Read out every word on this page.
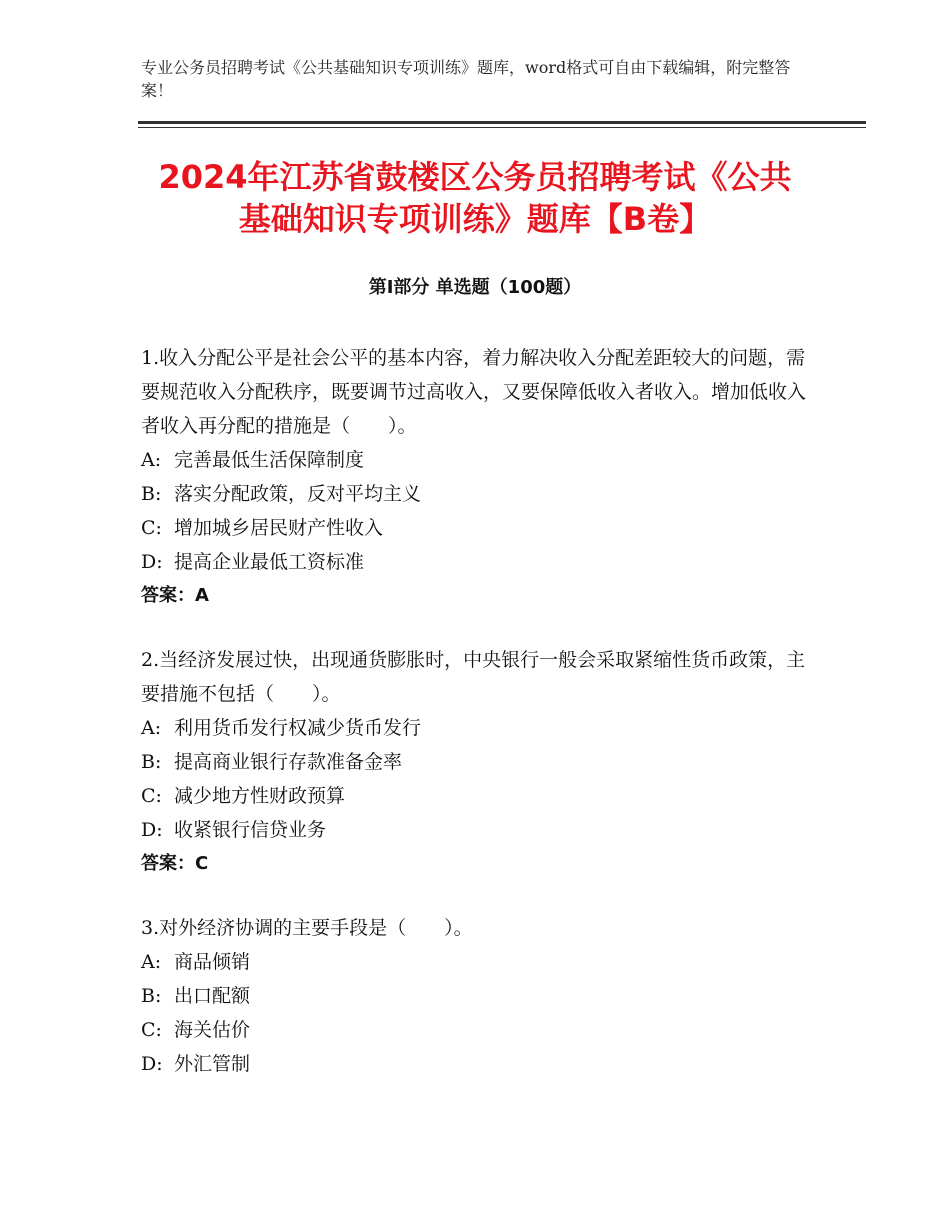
专业公务员招聘考试《公共基础知识专项训练》题库，word格式可自由下载编辑，附完整答案！
2024年江苏省鼓楼区公务员招聘考试《公共
基础知识专项训练》题库【B卷】
第Ⅰ部分 单选题（100题）

1.收入分配公平是社会公平的基本内容，着力解决收入分配差距较大的问题，需要规范收入分配秩序，既要调节过高收入，又要保障低收入者收入。增加低收入者收入再分配的措施是（　　）。

A: 完善最低生活保障制度

B: 落实分配政策，反对平均主义

C: 增加城乡居民财产性收入

D: 提高企业最低工资标准

答案：A

2.当经济发展过快，出现通货膨胀时，中央银行一般会采取紧缩性货币政策，主要措施不包括（　　）。

A: 利用货币发行权减少货币发行

B: 提高商业银行存款准备金率

C: 减少地方性财政预算

D: 收紧银行信贷业务

答案：C

3.对外经济协调的主要手段是（　　）。

A: 商品倾销

B: 出口配额

C: 海关估价

D: 外汇管制
